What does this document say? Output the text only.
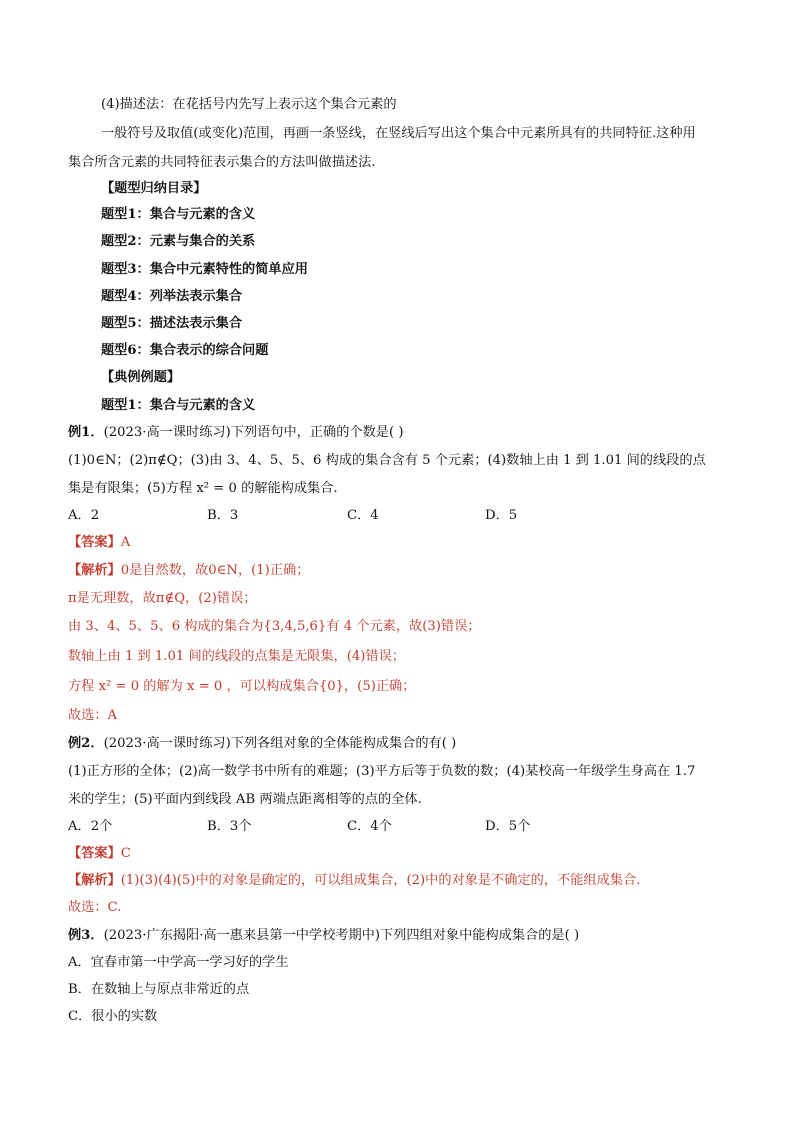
(4)描述法：在花括号内先写上表示这个集合元素的
一般符号及取值(或变化)范围，再画一条竖线，在竖线后写出这个集合中元素所具有的共同特征.这种用
集合所含元素的共同特征表示集合的方法叫做描述法.
【题型归纳目录】
题型1：集合与元素的含义
题型2：元素与集合的关系
题型3：集合中元素特性的简单应用
题型4：列举法表示集合
题型5：描述法表示集合
题型6：集合表示的综合问题
【典例例题】
题型1：集合与元素的含义
例1．(2023·高一课时练习)下列语句中，正确的个数是( )
(1)0∈N；(2)π∉Q；(3)由 3、4、5、5、6 构成的集合含有 5 个元素；(4)数轴上由 1 到 1.01 间的线段的点
集是有限集；(5)方程 x² = 0 的解能构成集合.
A．2	B．3	C．4	D．5
【答案】A
【解析】0是自然数，故0∈N，(1)正确；
π是无理数，故π∉Q，(2)错误；
由 3、4、5、5、6 构成的集合为{3,4,5,6}有 4 个元素，故(3)错误；
数轴上由 1 到 1.01 间的线段的点集是无限集，(4)错误；
方程 x² = 0 的解为 x = 0 ，可以构成集合{0}，(5)正确；
故选：A
例2．(2023·高一课时练习)下列各组对象的全体能构成集合的有( )
(1)正方形的全体；(2)高一数学书中所有的难题；(3)平方后等于负数的数；(4)某校高一年级学生身高在 1.7
米的学生；(5)平面内到线段 AB 两端点距离相等的点的全体.
A．2个	B．3个	C．4个	D．5个
【答案】C
【解析】(1)(3)(4)(5)中的对象是确定的，可以组成集合，(2)中的对象是不确定的，不能组成集合.
故选：C.
例3．(2023·广东揭阳·高一惠来县第一中学校考期中)下列四组对象中能构成集合的是( )
A．宜春市第一中学高一学习好的学生
B．在数轴上与原点非常近的点
C．很小的实数
